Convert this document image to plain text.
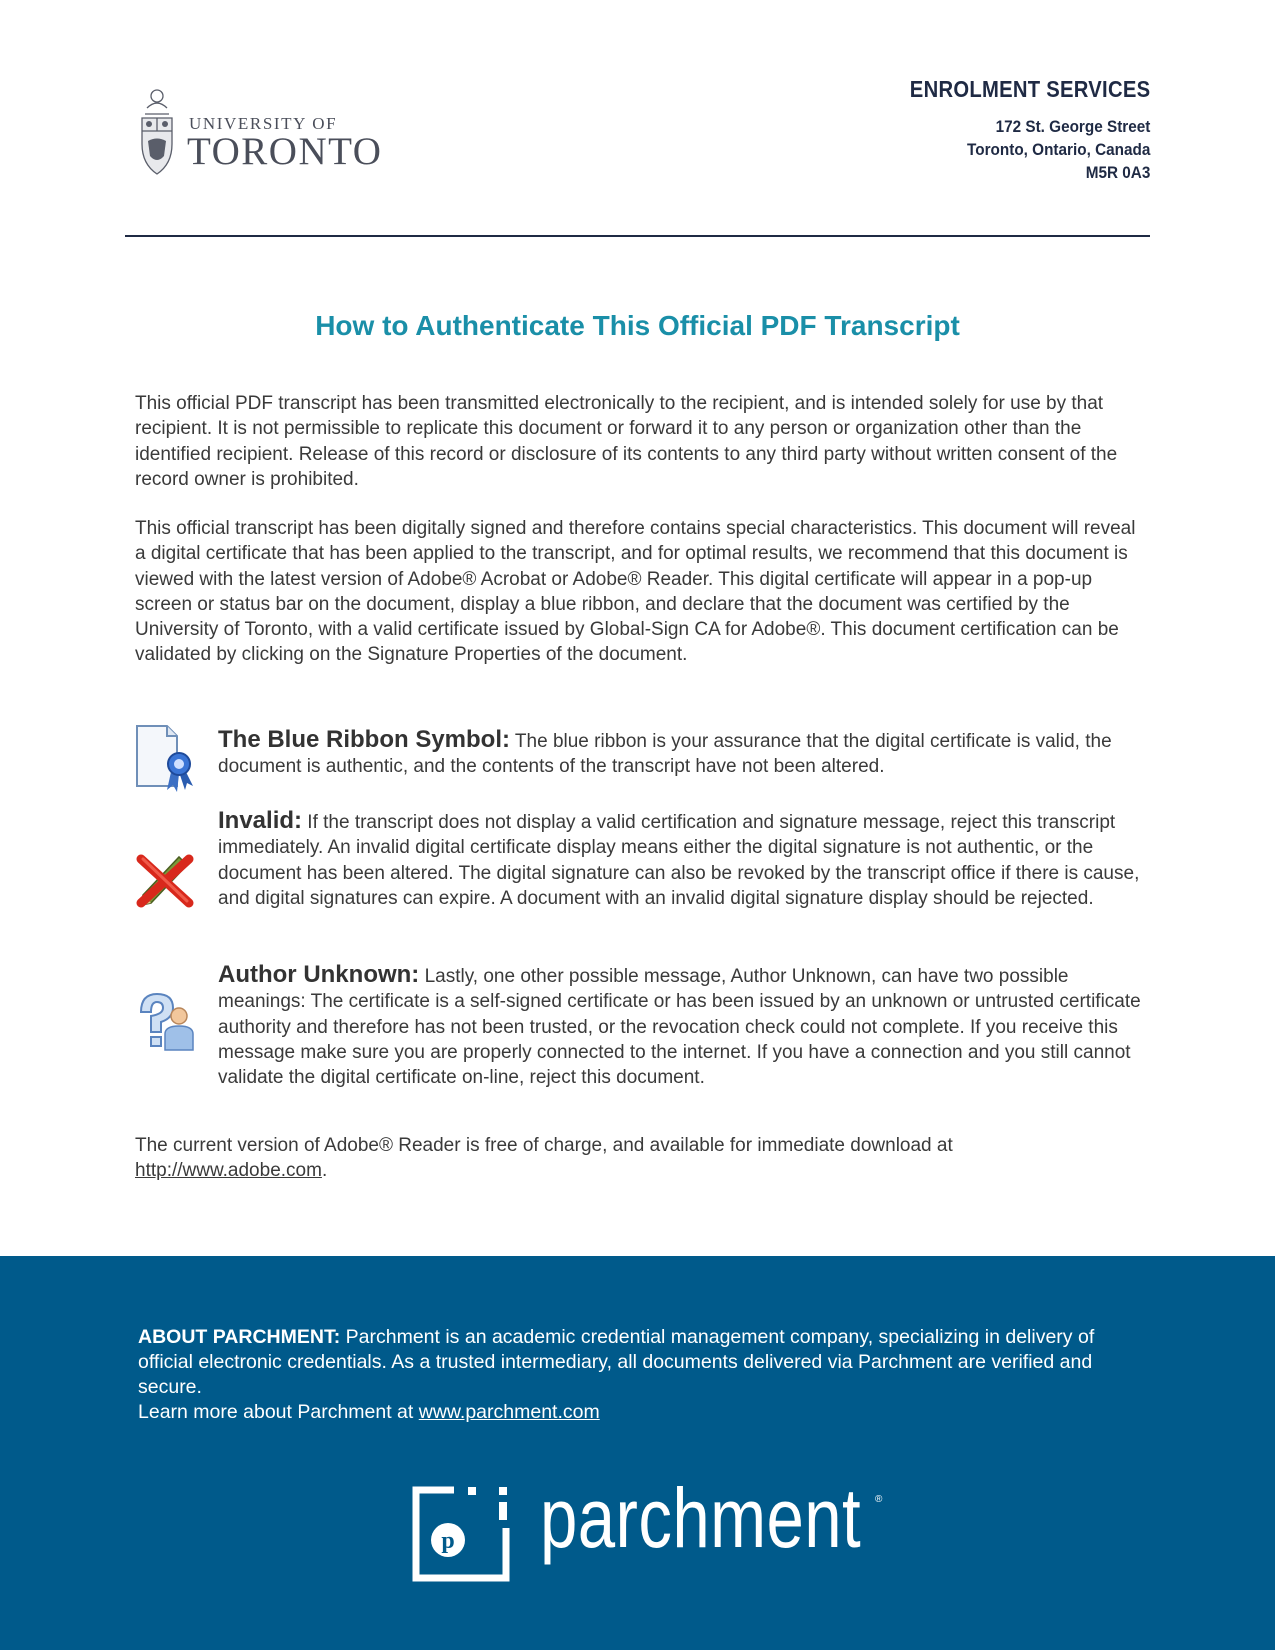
UNIVERSITY OF
TORONTO
ENROLMENT SERVICES
172 St. George Street
Toronto, Ontario, Canada
M5R 0A3
How to Authenticate This Official PDF Transcript

This official PDF transcript has been transmitted electronically to the recipient, and is intended solely for use by that recipient. It is not permissible to replicate this document or forward it to any person or organization other than the identified recipient. Release of this record or disclosure of its contents to any third party without written consent of the record owner is prohibited.

This official transcript has been digitally signed and therefore contains special characteristics. This document will reveal a digital certificate that has been applied to the transcript, and for optimal results, we recommend that this document is viewed with the latest version of Adobe® Acrobat or Adobe® Reader. This digital certificate will appear in a pop-up screen or status bar on the document, display a blue ribbon, and declare that the document was certified by the University of Toronto, with a valid certificate issued by Global-Sign CA for Adobe®. This document certification can be validated by clicking on the Signature Properties of the document.

The Blue Ribbon Symbol: The blue ribbon is your assurance that the digital certificate is valid, the document is authentic, and the contents of the transcript have not been altered.

Invalid: If the transcript does not display a valid certification and signature message, reject this transcript immediately. An invalid digital certificate display means either the digital signature is not authentic, or the document has been altered. The digital signature can also be revoked by the transcript office if there is cause, and digital signatures can expire. A document with an invalid digital signature display should be rejected.

Author Unknown: Lastly, one other possible message, Author Unknown, can have two possible meanings: The certificate is a self-signed certificate or has been issued by an unknown or untrusted certificate authority and therefore has not been trusted, or the revocation check could not complete. If you receive this message make sure you are properly connected to the internet. If you have a connection and you still cannot validate the digital certificate on-line, reject this document.

The current version of Adobe® Reader is free of charge, and available for immediate download at http://www.adobe.com.

ABOUT PARCHMENT: Parchment is an academic credential management company, specializing in delivery of official electronic credentials. As a trusted intermediary, all documents delivered via Parchment are verified and secure.
Learn more about Parchment at www.parchment.com

p parchment ®
